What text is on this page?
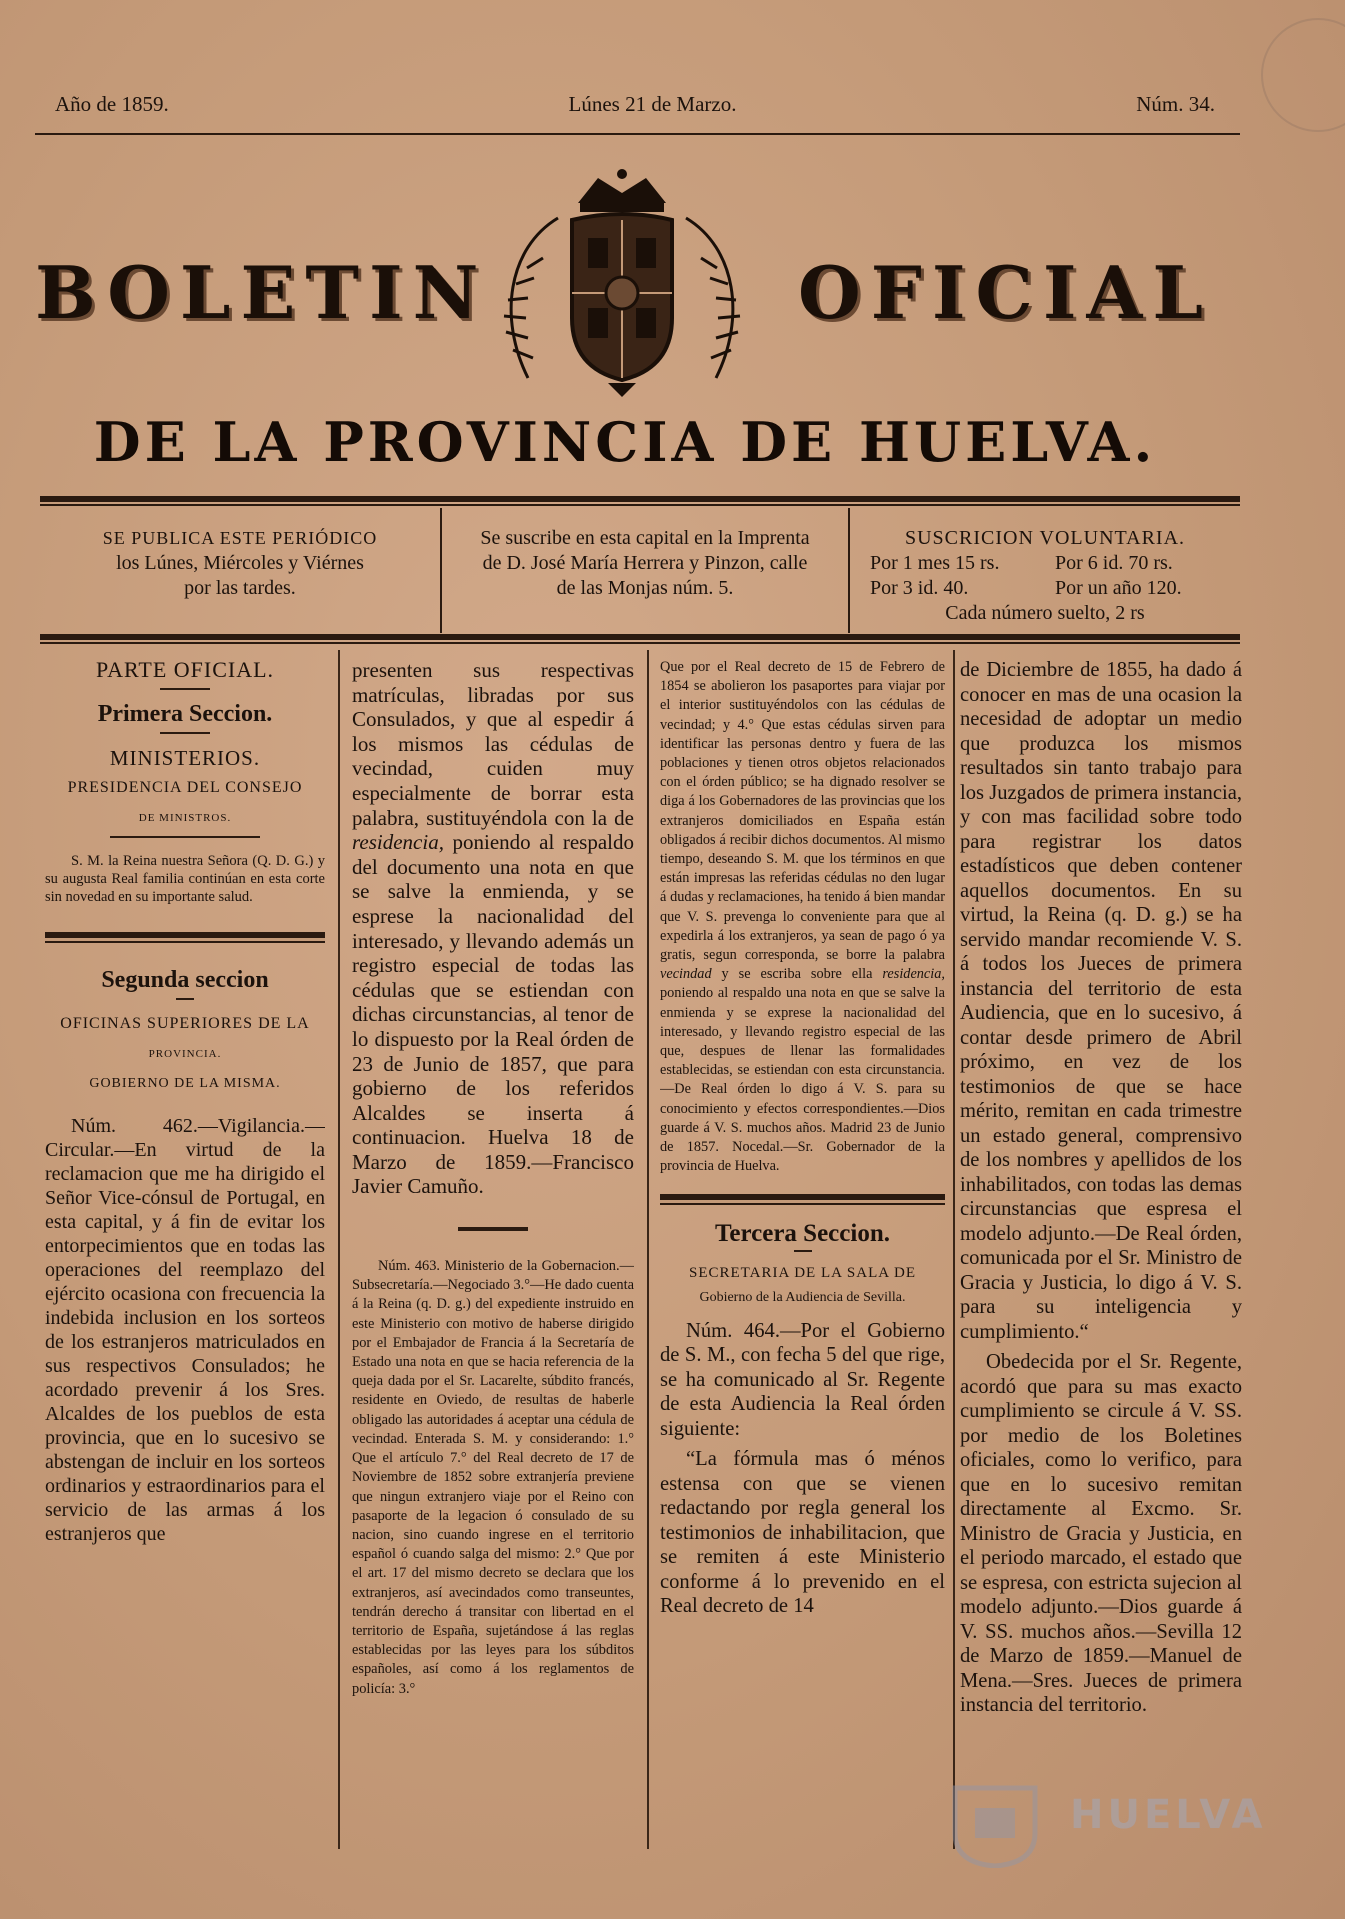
Año de 1859.	Lúnes 21 de Marzo.	Núm. 34.
BOLETIN	OFICIAL
DE LA PROVINCIA DE HUELVA.
SE PUBLICA ESTE PERIÓDICO
los Lúnes, Miércoles y Viérnes
por las tardes.
Se suscribe en esta capital en la Imprenta
de D. José María Herrera y Pinzon, calle
de las Monjas núm. 5.
SUSCRICION VOLUNTARIA.
Por 1 mes 15 rs.	Por 6 id. 70 rs.
Por 3 id. 40.	Por un año 120.
Cada número suelto, 2 rs

PARTE OFICIAL.

Primera Seccion.

MINISTERIOS.

PRESIDENCIA DEL CONSEJO

DE MINISTROS.

S. M. la Reina nuestra Señora (Q. D. G.) y su augusta Real familia continúan en esta corte sin novedad en su importante salud.

Segunda seccion

OFICINAS SUPERIORES DE LA

PROVINCIA.

GOBIERNO DE LA MISMA.

Núm. 462.—Vigilancia.—Circular.—En virtud de la reclamacion que me ha dirigido el Señor Vice-cónsul de Portugal, en esta capital, y á fin de evitar los entorpecimientos que en todas las operaciones del reemplazo del ejército ocasiona con frecuencia la indebida inclusion en los sorteos de los estranjeros matriculados en sus respectivos Consulados; he acordado prevenir á los Sres. Alcaldes de los pueblos de esta provincia, que en lo sucesivo se abstengan de incluir en los sorteos ordinarios y estraordinarios para el servicio de las armas á los estranjeros que

presenten sus respectivas matrículas, libradas por sus Consulados, y que al espedir á los mismos las cédulas de vecindad, cuiden muy especialmente de borrar esta palabra, sustituyéndola con la de residencia, poniendo al respaldo del documento una nota en que se salve la enmienda, y se esprese la nacionalidad del interesado, y llevando además un registro especial de todas las cédulas que se estiendan con dichas circunstancias, al tenor de lo dispuesto por la Real órden de 23 de Junio de 1857, que para gobierno de los referidos Alcaldes se inserta á continuacion. Huelva 18 de Marzo de 1859.—Francisco Javier Camuño.

Núm. 463. Ministerio de la Gobernacion.—Subsecretaría.—Negociado 3.°—He dado cuenta á la Reina (q. D. g.) del expediente instruido en este Ministerio con motivo de haberse dirigido por el Embajador de Francia á la Secretaría de Estado una nota en que se hacia referencia de la queja dada por el Sr. Lacarelte, súbdito francés, residente en Oviedo, de resultas de haberle obligado las autoridades á aceptar una cédula de vecindad. Enterada S. M. y considerando: 1.° Que el artículo 7.° del Real decreto de 17 de Noviembre de 1852 sobre extranjería previene que ningun extranjero viaje por el Reino con pasaporte de la legacion ó consulado de su nacion, sino cuando ingrese en el territorio español ó cuando salga del mismo: 2.° Que por el art. 17 del mismo decreto se declara que los extranjeros, así avecindados como transeuntes, tendrán derecho á transitar con libertad en el territorio de España, sujetándose á las reglas establecidas por las leyes para los súbditos españoles, así como á los reglamentos de policía: 3.°

Que por el Real decreto de 15 de Febrero de 1854 se abolieron los pasaportes para viajar por el interior sustituyéndolos con las cédulas de vecindad; y 4.° Que estas cédulas sirven para identificar las personas dentro y fuera de las poblaciones y tienen otros objetos relacionados con el órden público; se ha dignado resolver se diga á los Gobernadores de las provincias que los extranjeros domiciliados en España están obligados á recibir dichos documentos. Al mismo tiempo, deseando S. M. que los términos en que están impresas las referidas cédulas no den lugar á dudas y reclamaciones, ha tenido á bien mandar que V. S. prevenga lo conveniente para que al expedirla á los extranjeros, ya sean de pago ó ya gratis, segun corresponda, se borre la palabra vecindad y se escriba sobre ella residencia, poniendo al respaldo una nota en que se salve la enmienda y se exprese la nacionalidad del interesado, y llevando registro especial de las que, despues de llenar las formalidades establecidas, se estiendan con esta circunstancia.—De Real órden lo digo á V. S. para su conocimiento y efectos correspondientes.—Dios guarde á V. S. muchos años. Madrid 23 de Junio de 1857. Nocedal.—Sr. Gobernador de la provincia de Huelva.

Tercera Seccion.

SECRETARIA DE LA SALA DE

Gobierno de la Audiencia de Sevilla.

Núm. 464.—Por el Gobierno de S. M., con fecha 5 del que rige, se ha comunicado al Sr. Regente de esta Audiencia la Real órden siguiente:

“La fórmula mas ó ménos estensa con que se vienen redactando por regla general los testimonios de inhabilitacion, que se remiten á este Ministerio conforme á lo prevenido en el Real decreto de 14

de Diciembre de 1855, ha dado á conocer en mas de una ocasion la necesidad de adoptar un medio que produzca los mismos resultados sin tanto trabajo para los Juzgados de primera instancia, y con mas facilidad sobre todo para registrar los datos estadísticos que deben contener aquellos documentos. En su virtud, la Reina (q. D. g.) se ha servido mandar recomiende V. S. á todos los Jueces de primera instancia del territorio de esta Audiencia, que en lo sucesivo, á contar desde primero de Abril próximo, en vez de los testimonios de que se hace mérito, remitan en cada trimestre un estado general, comprensivo de los nombres y apellidos de los inhabilitados, con todas las demas circunstancias que espresa el modelo adjunto.—De Real órden, comunicada por el Sr. Ministro de Gracia y Justicia, lo digo á V. S. para su inteligencia y cumplimiento.“

Obedecida por el Sr. Regente, acordó que para su mas exacto cumplimiento se circule á V. SS. por medio de los Boletines oficiales, como lo verifico, para que en lo sucesivo remitan directamente al Excmo. Sr. Ministro de Gracia y Justicia, en el periodo marcado, el estado que se espresa, con estricta sujecion al modelo adjunto.—Dios guarde á V. SS. muchos años.—Sevilla 12 de Marzo de 1859.—Manuel de Mena.—Sres. Jueces de primera instancia del territorio.

HUELVA
